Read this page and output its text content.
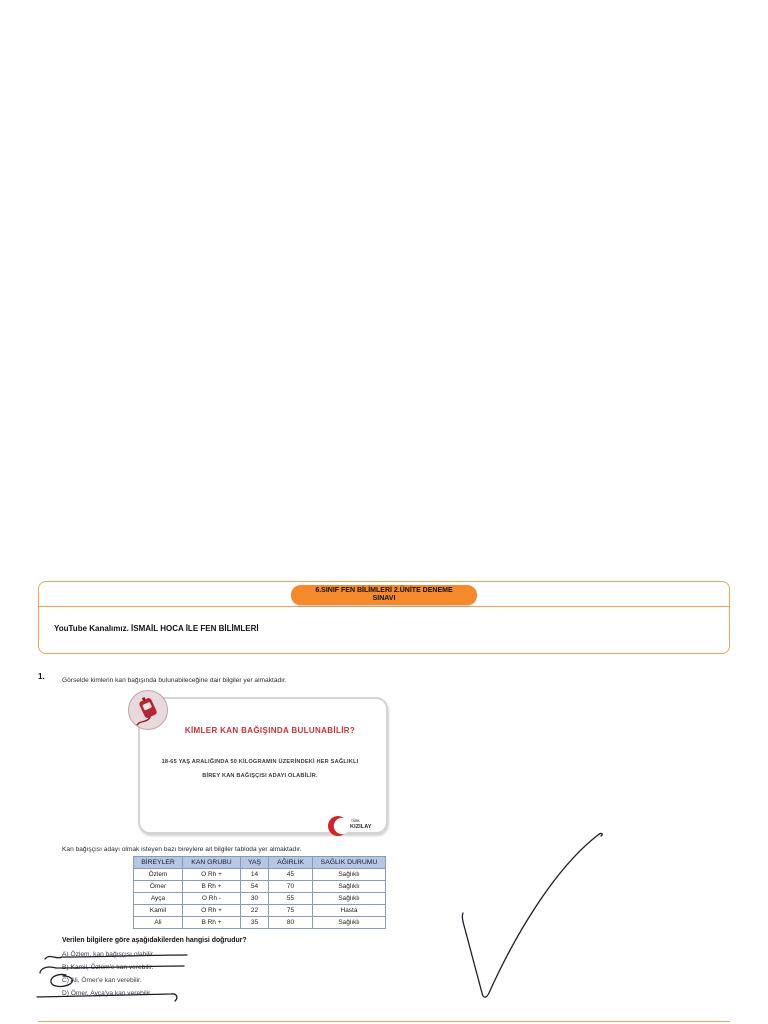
6.SINIF FEN BİLİMLERİ 2.ÜNİTE DENEME
SINAVI
YouTube Kanalımız. İSMAİL HOCA İLE FEN BİLİMLERİ
1.	Görselde kimlerin kan bağışında bulunabileceğine dair bilgiler yer almaktadır.
KİMLER KAN BAĞIŞINDA BULUNABİLİR?
18-65 YAŞ ARALIĞINDA 50 KİLOGRAMIN ÜZERİNDEKİ HER SAĞLIKLI
BİREY KAN BAĞIŞÇISI ADAYI OLABİLİR.
TÜRK
KIZILAY
Kan bağışçısı adayı olmak isteyen bazı bireylere ait bilgiler tabloda yer almaktadır.
BİREYLER	KAN GRUBU	YAŞ	AĞIRLIK	SAĞLIK DURUMU
Özlem	O Rh +	14	45	Sağlıklı
Ömer	B Rh +	54	70	Sağlıklı
Ayça	O Rh -	30	55	Sağlıklı
Kamil	O Rh +	22	75	Hasta
Ali	B Rh +	35	80	Sağlıklı
Verilen bilgilere göre aşağıdakilerden hangisi doğrudur?
A) Özlem, kan bağışçısı olabilir.
B) Kamil, Özlem'e kan verebilir.
C) Ali, Ömer'e kan verebilir.
D) Ömer, Ayça'ya kan verebilir.
